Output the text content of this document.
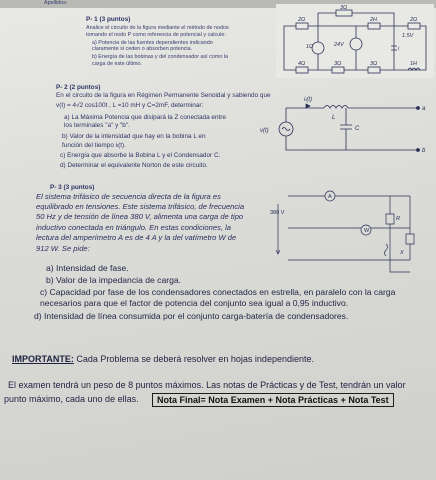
Apellidos:
P- 1 (3 puntos)
Analice el circuito de la figura mediante el método de nodos
tomando el nodo P como referencia de potencial y calcule:
a) Potencia de las fuentes dependientes indicando
claramente si ceden o absorben potencia.
b) Energía de las bobinas y del condensador así como la
carga de este último.
3Ω
2Ω
24V
2H
1Ω
4Ω	3Ω	1H
3Ω
i
1.5V
2Ω
P- 2 (2 puntos)
En el circuito de la figura en Régimen Permanente Senoidal y sabiendo que
v(t) = 4√2 cos100t , L =10 mH y C=2mF, determinar:
a) La Máxima Potencia que disipará la Z conectada entre
los terminales "a" y "b".
b) Valor de la intensidad que hay en la bobina L en
función del tiempo iₗ(t).
c) Energía que absorbe la Bobina L y el Condensador C.
d) Determinar el equivalente Norton de este circuito.
iₗ(t)
L
a
v(t)	C
b
P- 3 (3 puntos)
El sistema trifásico de secuencia directa de la figura es
equilibrado en tensiones. Este sistema trifásico, de frecuencia
50 Hz y de tensión de línea 380 V, alimenta una carga de tipo
inductivo conectada en triángulo. En estas condiciones, la
lectura del amperímetro A es de 4 A y la del vatímetro W de
912 W. Se pide:
a) Intensidad de fase.
b) Valor de la impedancia de carga.
c) Capacidad por fase de los condensadores conectados en estrella, en paralelo con la carga
necesarios para que el factor de potencia del conjunto sea igual a 0,95 inductivo.
d) Intensidad de línea consumida por el conjunto carga-batería de condensadores.
A
380 V
W
R
X
IMPORTANTE: Cada Problema se deberá resolver en hojas independiente.
El examen tendrá un peso de 8 puntos máximos. Las notas de Prácticas y de Test, tendrán un valor
punto máximo, cada uno de ellas.	Nota Final= Nota Examen + Nota Prácticas + Nota Test
